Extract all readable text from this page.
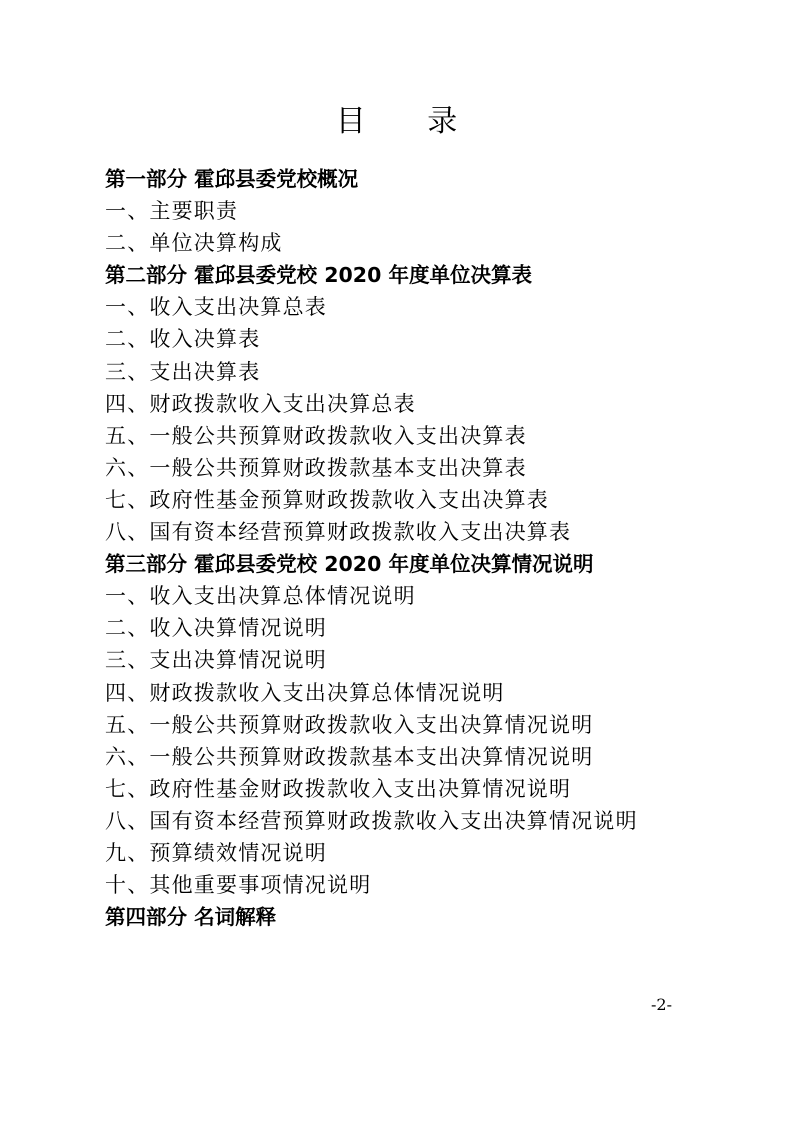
目 录
第一部分 霍邱县委党校概况
一、主要职责
二、单位决算构成
第二部分 霍邱县委党校 2020 年度单位决算表
一、收入支出决算总表
二、收入决算表
三、支出决算表
四、财政拨款收入支出决算总表
五、一般公共预算财政拨款收入支出决算表
六、一般公共预算财政拨款基本支出决算表
七、政府性基金预算财政拨款收入支出决算表
八、国有资本经营预算财政拨款收入支出决算表
第三部分 霍邱县委党校 2020 年度单位决算情况说明
一、收入支出决算总体情况说明
二、收入决算情况说明
三、支出决算情况说明
四、财政拨款收入支出决算总体情况说明
五、一般公共预算财政拨款收入支出决算情况说明
六、一般公共预算财政拨款基本支出决算情况说明
七、政府性基金财政拨款收入支出决算情况说明
八、国有资本经营预算财政拨款收入支出决算情况说明
九、预算绩效情况说明
十、其他重要事项情况说明
第四部分 名词解释
-2-
